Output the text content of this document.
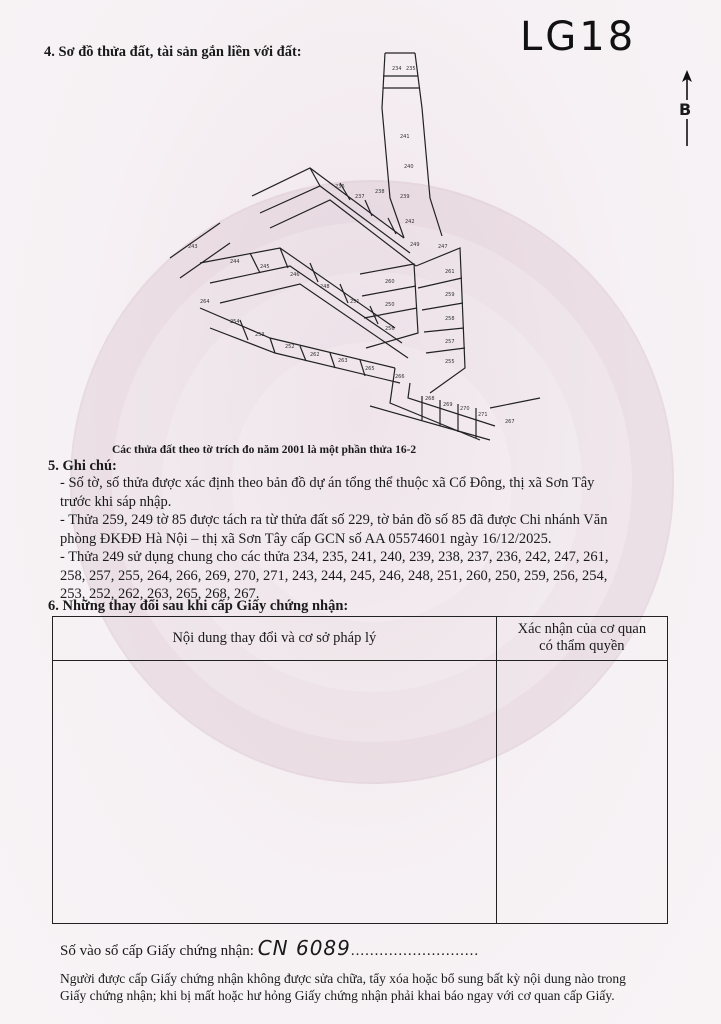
4. Sơ đồ thửa đất, tài sản gắn liền với đất:	LG18
B
234 235
241
240
239
238
237
236
242
247
243
244
245
246
248
251
261
260
250
259
256
258
257
255
254
253
264
266
252
262
263
265
268
269
270
271
267
249
Các thửa đất theo tờ trích đo năm 2001 là một phần thửa 16-2
5. Ghi chú:

- Số tờ, số thửa được xác định theo bản đồ dự án tổng thể thuộc xã Cổ Đông, thị xã Sơn Tây

trước khi sáp nhập.

- Thửa 259, 249 tờ 85 được tách ra từ thửa đất số 229, tờ bản đồ số 85 đã được Chi nhánh Văn

phòng ĐKĐĐ Hà Nội – thị xã Sơn Tây cấp GCN số AA 05574601 ngày 16/12/2025.

- Thửa 249 sử dụng chung cho các thửa 234, 235, 241, 240, 239, 238, 237, 236, 242, 247, 261,

258, 257, 255, 264, 266, 269, 270, 271, 243, 244, 245, 246, 248, 251, 260, 250, 259, 256, 254,

253, 252, 262, 263, 265, 268, 267.

6. Những thay đổi sau khi cấp Giấy chứng nhận:
Nội dung thay đổi và cơ sở pháp lý	Xác nhận của cơ quan
có thẩm quyền

Số vào sổ cấp Giấy chứng nhận: CN 6089...........................
Người được cấp Giấy chứng nhận không được sửa chữa, tẩy xóa hoặc bổ sung bất kỳ nội dung nào trong
Giấy chứng nhận; khi bị mất hoặc hư hỏng Giấy chứng nhận phải khai báo ngay với cơ quan cấp Giấy.
